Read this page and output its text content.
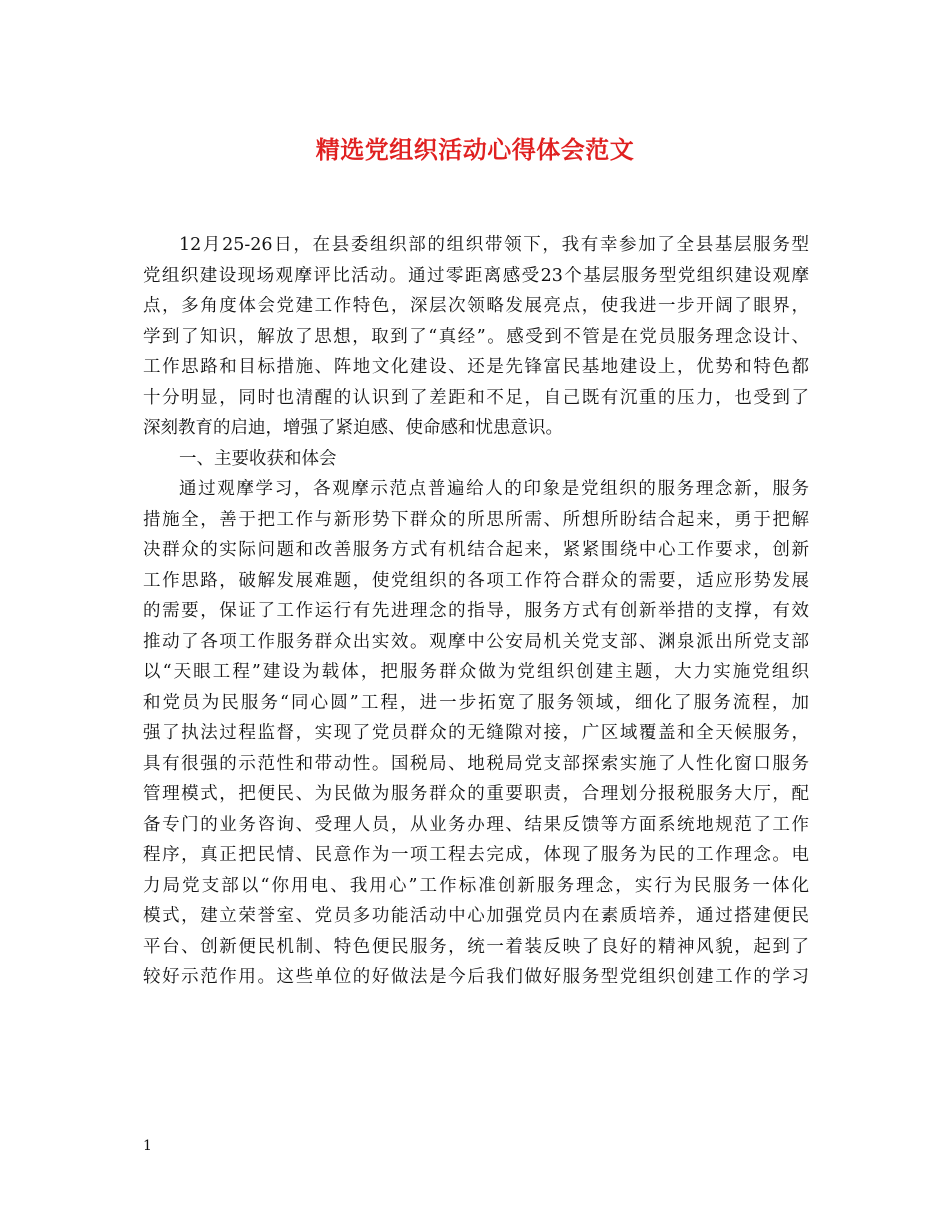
精选党组织活动心得体会范文
12月25-26日，在县委组织部的组织带领下，我有幸参加了全县基层服务型
党组织建设现场观摩评比活动。通过零距离感受23个基层服务型党组织建设观摩
点，多角度体会党建工作特色，深层次领略发展亮点，使我进一步开阔了眼界，
学到了知识，解放了思想，取到了“真经”。感受到不管是在党员服务理念设计、
工作思路和目标措施、阵地文化建设、还是先锋富民基地建设上，优势和特色都
十分明显，同时也清醒的认识到了差距和不足，自己既有沉重的压力，也受到了
深刻教育的启迪，增强了紧迫感、使命感和忧患意识。
一、主要收获和体会
通过观摩学习，各观摩示范点普遍给人的印象是党组织的服务理念新，服务
措施全，善于把工作与新形势下群众的所思所需、所想所盼结合起来，勇于把解
决群众的实际问题和改善服务方式有机结合起来，紧紧围绕中心工作要求，创新
工作思路，破解发展难题，使党组织的各项工作符合群众的需要，适应形势发展
的需要，保证了工作运行有先进理念的指导，服务方式有创新举措的支撑，有效
推动了各项工作服务群众出实效。观摩中公安局机关党支部、渊泉派出所党支部
以“天眼工程”建设为载体，把服务群众做为党组织创建主题，大力实施党组织
和党员为民服务“同心圆”工程，进一步拓宽了服务领域，细化了服务流程，加
强了执法过程监督，实现了党员群众的无缝隙对接，广区域覆盖和全天候服务，
具有很强的示范性和带动性。国税局、地税局党支部探索实施了人性化窗口服务
管理模式，把便民、为民做为服务群众的重要职责，合理划分报税服务大厅，配
备专门的业务咨询、受理人员，从业务办理、结果反馈等方面系统地规范了工作
程序，真正把民情、民意作为一项工程去完成，体现了服务为民的工作理念。电
力局党支部以“你用电、我用心”工作标准创新服务理念，实行为民服务一体化
模式，建立荣誉室、党员多功能活动中心加强党员内在素质培养，通过搭建便民
平台、创新便民机制、特色便民服务，统一着装反映了良好的精神风貌，起到了
较好示范作用。这些单位的好做法是今后我们做好服务型党组织创建工作的学习
1
